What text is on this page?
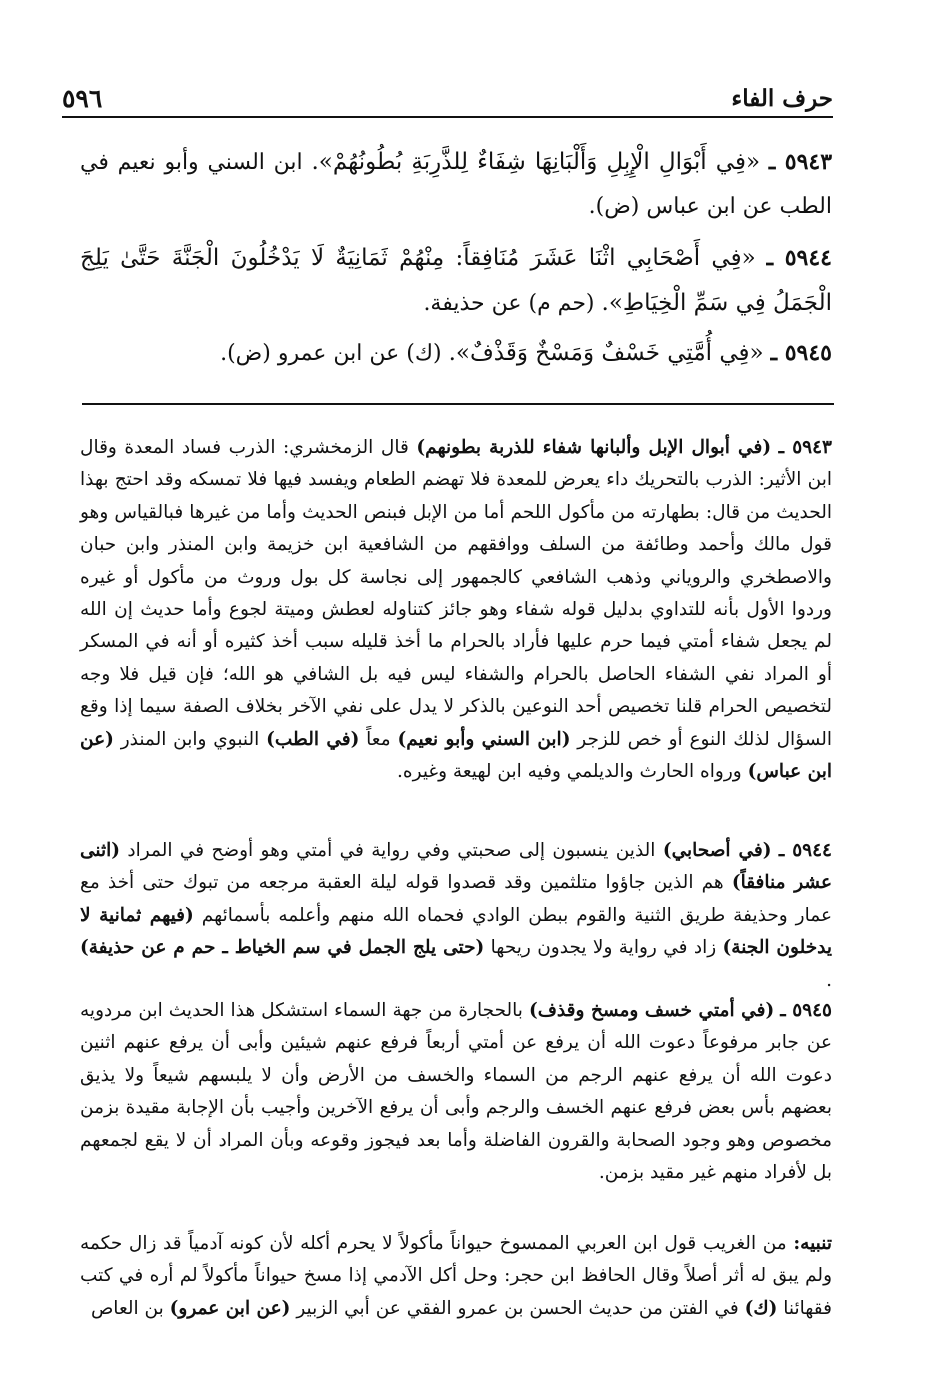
٥٩٦	حرف الفاء

٥٩٤٣ ـ «فِي أَبْوَالِ الْإِبِلِ وَأَلْبَانِهَا شِفَاءٌ لِلذَّرِبَةِ بُطُونُهُمْ». ابن السني وأبو نعيم في الطب عن ابن عباس (ض).

٥٩٤٤ ـ «فِي أَصْحَابِي اثْنَا عَشَرَ مُنَافِقاً: مِنْهُمْ ثَمَانِيَةٌ لَا يَدْخُلُونَ الْجَنَّةَ حَتَّىٰ يَلِجَ الْجَمَلُ فِي سَمِّ الْخِيَاطِ». (حم م) عن حذيفة.

٥٩٤٥ ـ «فِي أُمَّتِي خَسْفٌ وَمَسْخٌ وَقَذْفٌ». (ك) عن ابن عمرو (ض).

٥٩٤٣ ـ (في أبوال الإبل وألبانها شفاء للذربة بطونهم) قال الزمخشري: الذرب فساد المعدة وقال ابن الأثير: الذرب بالتحريك داء يعرض للمعدة فلا تهضم الطعام ويفسد فيها فلا تمسكه وقد احتج بهذا الحديث من قال: بطهارته من مأكول اللحم أما من الإبل فبنص الحديث وأما من غيرها فبالقياس وهو قول مالك وأحمد وطائفة من السلف ووافقهم من الشافعية ابن خزيمة وابن المنذر وابن حبان والاصطخري والروياني وذهب الشافعي كالجمهور إلى نجاسة كل بول وروث من مأكول أو غيره وردوا الأول بأنه للتداوي بدليل قوله شفاء وهو جائز كتناوله لعطش وميتة لجوع وأما حديث إن الله لم يجعل شفاء أمتي فيما حرم عليها فأراد بالحرام ما أخذ قليله سبب أخذ كثيره أو أنه في المسكر أو المراد نفي الشفاء الحاصل بالحرام والشفاء ليس فيه بل الشافي هو الله؛ فإن قيل فلا وجه لتخصيص الحرام قلنا تخصيص أحد النوعين بالذكر لا يدل على نفي الآخر بخلاف الصفة سيما إذا وقع السؤال لذلك النوع أو خص للزجر (ابن السني وأبو نعيم) معاً (في الطب) النبوي وابن المنذر (عن ابن عباس) ورواه الحارث والديلمي وفيه ابن لهيعة وغيره.

٥٩٤٤ ـ (في أصحابي) الذين ينسبون إلى صحبتي وفي رواية في أمتي وهو أوضح في المراد (اثنى عشر منافقاً) هم الذين جاؤوا متلثمين وقد قصدوا قوله ليلة العقبة مرجعه من تبوك حتى أخذ مع عمار وحذيفة طريق الثنية والقوم ببطن الوادي فحماه الله منهم وأعلمه بأسمائهم (فيهم ثمانية لا يدخلون الجنة) زاد في رواية ولا يجدون ريحها (حتى يلج الجمل في سم الخياط ـ حم م عن حذيفة) .

٥٩٤٥ ـ (في أمتي خسف ومسخ وقذف) بالحجارة من جهة السماء استشكل هذا الحديث ابن مردويه عن جابر مرفوعاً دعوت الله أن يرفع عن أمتي أربعاً فرفع عنهم شيئين وأبى أن يرفع عنهم اثنين دعوت الله أن يرفع عنهم الرجم من السماء والخسف من الأرض وأن لا يلبسهم شيعاً ولا يذيق بعضهم بأس بعض فرفع عنهم الخسف والرجم وأبى أن يرفع الآخرين وأجيب بأن الإجابة مقيدة بزمن مخصوص وهو وجود الصحابة والقرون الفاضلة وأما بعد فيجوز وقوعه وبأن المراد أن لا يقع لجمعهم بل لأفراد منهم غير مقيد بزمن.

تنبيه: من الغريب قول ابن العربي الممسوخ حيواناً مأكولاً لا يحرم أكله لأن كونه آدمياً قد زال حكمه ولم يبق له أثر أصلاً وقال الحافظ ابن حجر: وحل أكل الآدمي إذا مسخ حيواناً مأكولاً لم أره في كتب فقهائنا (ك) في الفتن من حديث الحسن بن عمرو الفقي عن أبي الزبير (عن ابن عمرو) بن العاص
